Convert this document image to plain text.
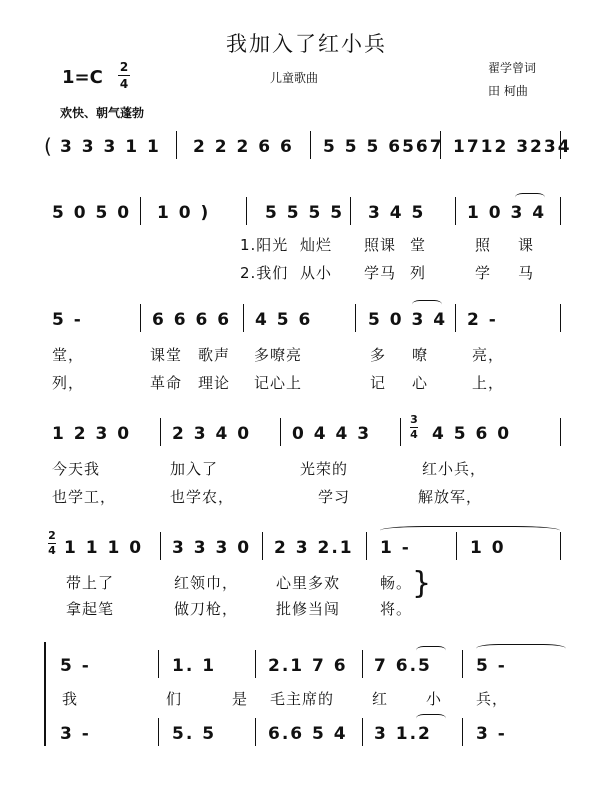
我加入了红小兵
儿童歌曲
翟学曾词
田 柯曲
1=C 2
4
欢快、朝气蓬勃
( 3 3 3 1 1 2 2 2 6 6 5 5 5 6567 1712 3234
5 0 5 0 1 0 )	5 5 5 5 3 4 5 1 0 3 4
1.阳光 灿烂 照课 堂	照 课
2.我们 从小 学马 列	学 马
5 -	6 6 6 6 4 5 6	5 0 3 4 2 -
堂，	课堂 歌声 多嘹亮	多 嘹	亮，
列，	革命 理论 记心上	记 心	上，
1 2 3 0 2 3 4 0 0 4 4 3
3
4 4 5 6 0
今天我	加入了	光荣的	红小兵，
也学工，	也学农，	学习	解放军，
2
4 1 1 1 0 3 3 3 0 2 3 2.1 1 -	1 0
带上了	红领巾，	心里多欢	畅。
拿起笔	做刀枪，	批修当闯	将。
}
5 -	1. 1	2.1 7 6 7 6.5	5 -
我	们	是 毛主席的	红	小 兵，
3 -	5. 5	6.6 5 4 3 1.2	3 -
